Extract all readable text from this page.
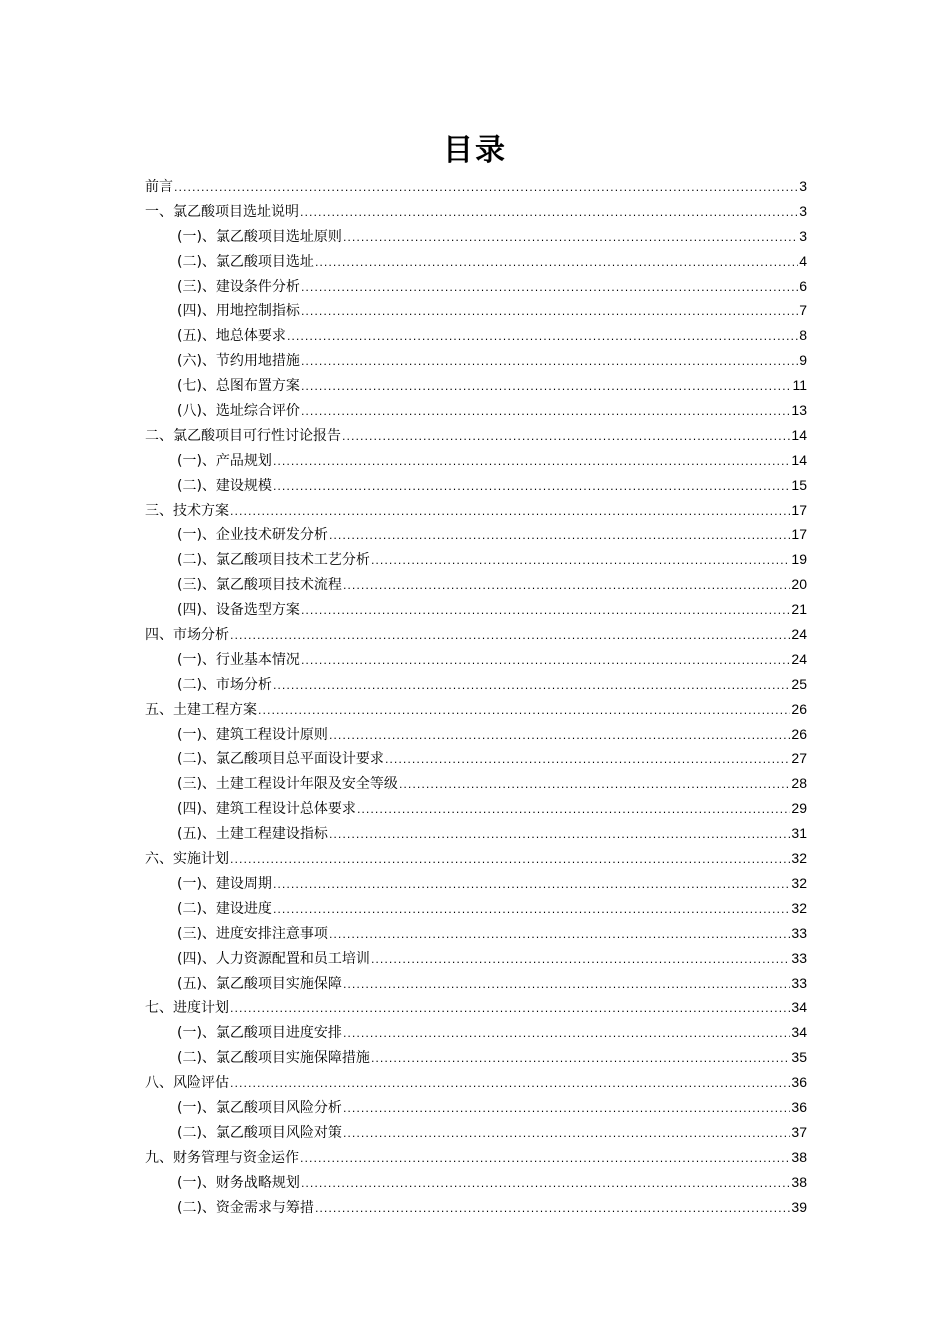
目录
前言 .....	3
一、氯乙酸项目选址说明 .....	3
(一)、氯乙酸项目选址原则 .....	3
(二)、氯乙酸项目选址 .....	4
(三)、建设条件分析 .....	6
(四)、用地控制指标 .....	7
(五)、地总体要求 .....	8
(六)、节约用地措施 .....	9
(七)、总图布置方案 .....	11
(八)、选址综合评价 .....	13
二、氯乙酸项目可行性讨论报告 .....	14
(一)、产品规划 .....	14
(二)、建设规模 .....	15
三、技术方案 .....	17
(一)、企业技术研发分析 .....	17
(二)、氯乙酸项目技术工艺分析 .....	19
(三)、氯乙酸项目技术流程 .....	20
(四)、设备选型方案 .....	21
四、市场分析 .....	24
(一)、行业基本情况 .....	24
(二)、市场分析 .....	25
五、土建工程方案 .....	26
(一)、建筑工程设计原则 .....	26
(二)、氯乙酸项目总平面设计要求 .....	27
(三)、土建工程设计年限及安全等级 .....	28
(四)、建筑工程设计总体要求 .....	29
(五)、土建工程建设指标 .....	31
六、实施计划 .....	32
(一)、建设周期 .....	32
(二)、建设进度 .....	32
(三)、进度安排注意事项 .....	33
(四)、人力资源配置和员工培训 .....	33
(五)、氯乙酸项目实施保障 .....	33
七、进度计划 .....	34
(一)、氯乙酸项目进度安排 .....	34
(二)、氯乙酸项目实施保障措施 .....	35
八、风险评估 .....	36
(一)、氯乙酸项目风险分析 .....	36
(二)、氯乙酸项目风险对策 .....	37
九、财务管理与资金运作 .....	38
(一)、财务战略规划 .....	38
(二)、资金需求与筹措 .....	39
